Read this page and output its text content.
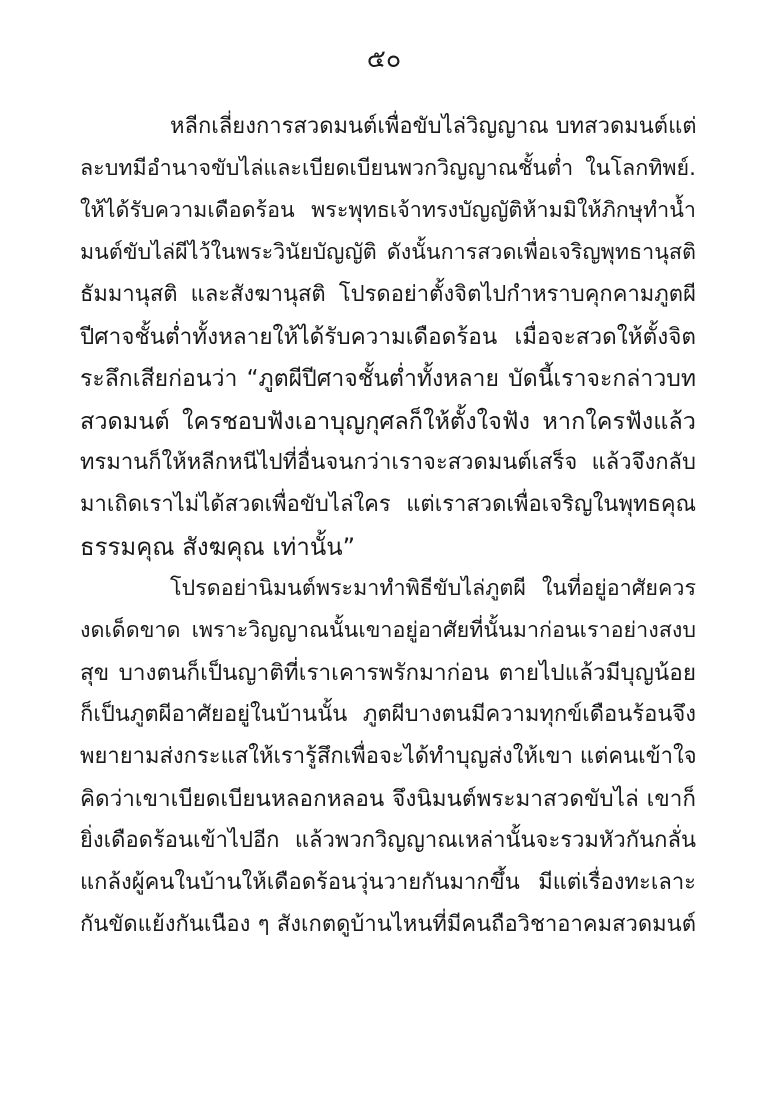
๕๐
หลีกเลี่ยงการสวดมนต์เพื่อขับไล่วิญญาณ บทสวดมนต์แต่
ละบทมีอำนาจขับไล่และเบียดเบียนพวกวิญญาณชั้นต่ำ ในโลกทิพย์.
ให้ได้รับความเดือดร้อน พระพุทธเจ้าทรงบัญญัติห้ามมิให้ภิกษุทำน้ำ
มนต์ขับไล่ผีไว้ในพระวินัยบัญญัติ ดังนั้นการสวดเพื่อเจริญพุทธานุสติ
ธัมมานุสติ และสังฆานุสติ โปรดอย่าตั้งจิตไปกำหราบคุกคามภูตผี
ปีศาจชั้นต่ำทั้งหลายให้ได้รับความเดือดร้อน เมื่อจะสวดให้ตั้งจิต
ระลึกเสียก่อนว่า “ภูตผีปีศาจชั้นต่ำทั้งหลาย บัดนี้เราจะกล่าวบท
สวดมนต์ ใครชอบฟังเอาบุญกุศลก็ให้ตั้งใจฟัง หากใครฟังแล้ว
ทรมานก็ให้หลีกหนีไปที่อื่นจนกว่าเราจะสวดมนต์เสร็จ แล้วจึงกลับ
มาเถิดเราไม่ได้สวดเพื่อขับไล่ใคร แต่เราสวดเพื่อเจริญในพุทธคุณ
ธรรมคุณ สังฆคุณ เท่านั้น”
โปรดอย่านิมนต์พระมาทำพิธีขับไล่ภูตผี ในที่อยู่อาศัยควร
งดเด็ดขาด เพราะวิญญาณนั้นเขาอยู่อาศัยที่นั้นมาก่อนเราอย่างสงบ
สุข บางตนก็เป็นญาติที่เราเคารพรักมาก่อน ตายไปแล้วมีบุญน้อย
ก็เป็นภูตผีอาศัยอยู่ในบ้านนั้น ภูตผีบางตนมีความทุกข์เดือนร้อนจึง
พยายามส่งกระแสให้เรารู้สึกเพื่อจะได้ทำบุญส่งให้เขา แต่คนเข้าใจ
คิดว่าเขาเบียดเบียนหลอกหลอน จึงนิมนต์พระมาสวดขับไล่ เขาก็
ยิ่งเดือดร้อนเข้าไปอีก แล้วพวกวิญญาณเหล่านั้นจะรวมหัวกันกลั่น
แกล้งผู้คนในบ้านให้เดือดร้อนวุ่นวายกันมากขึ้น มีแต่เรื่องทะเลาะ
กันขัดแย้งกันเนือง ๆ สังเกตดูบ้านไหนที่มีคนถือวิชาอาคมสวดมนต์
